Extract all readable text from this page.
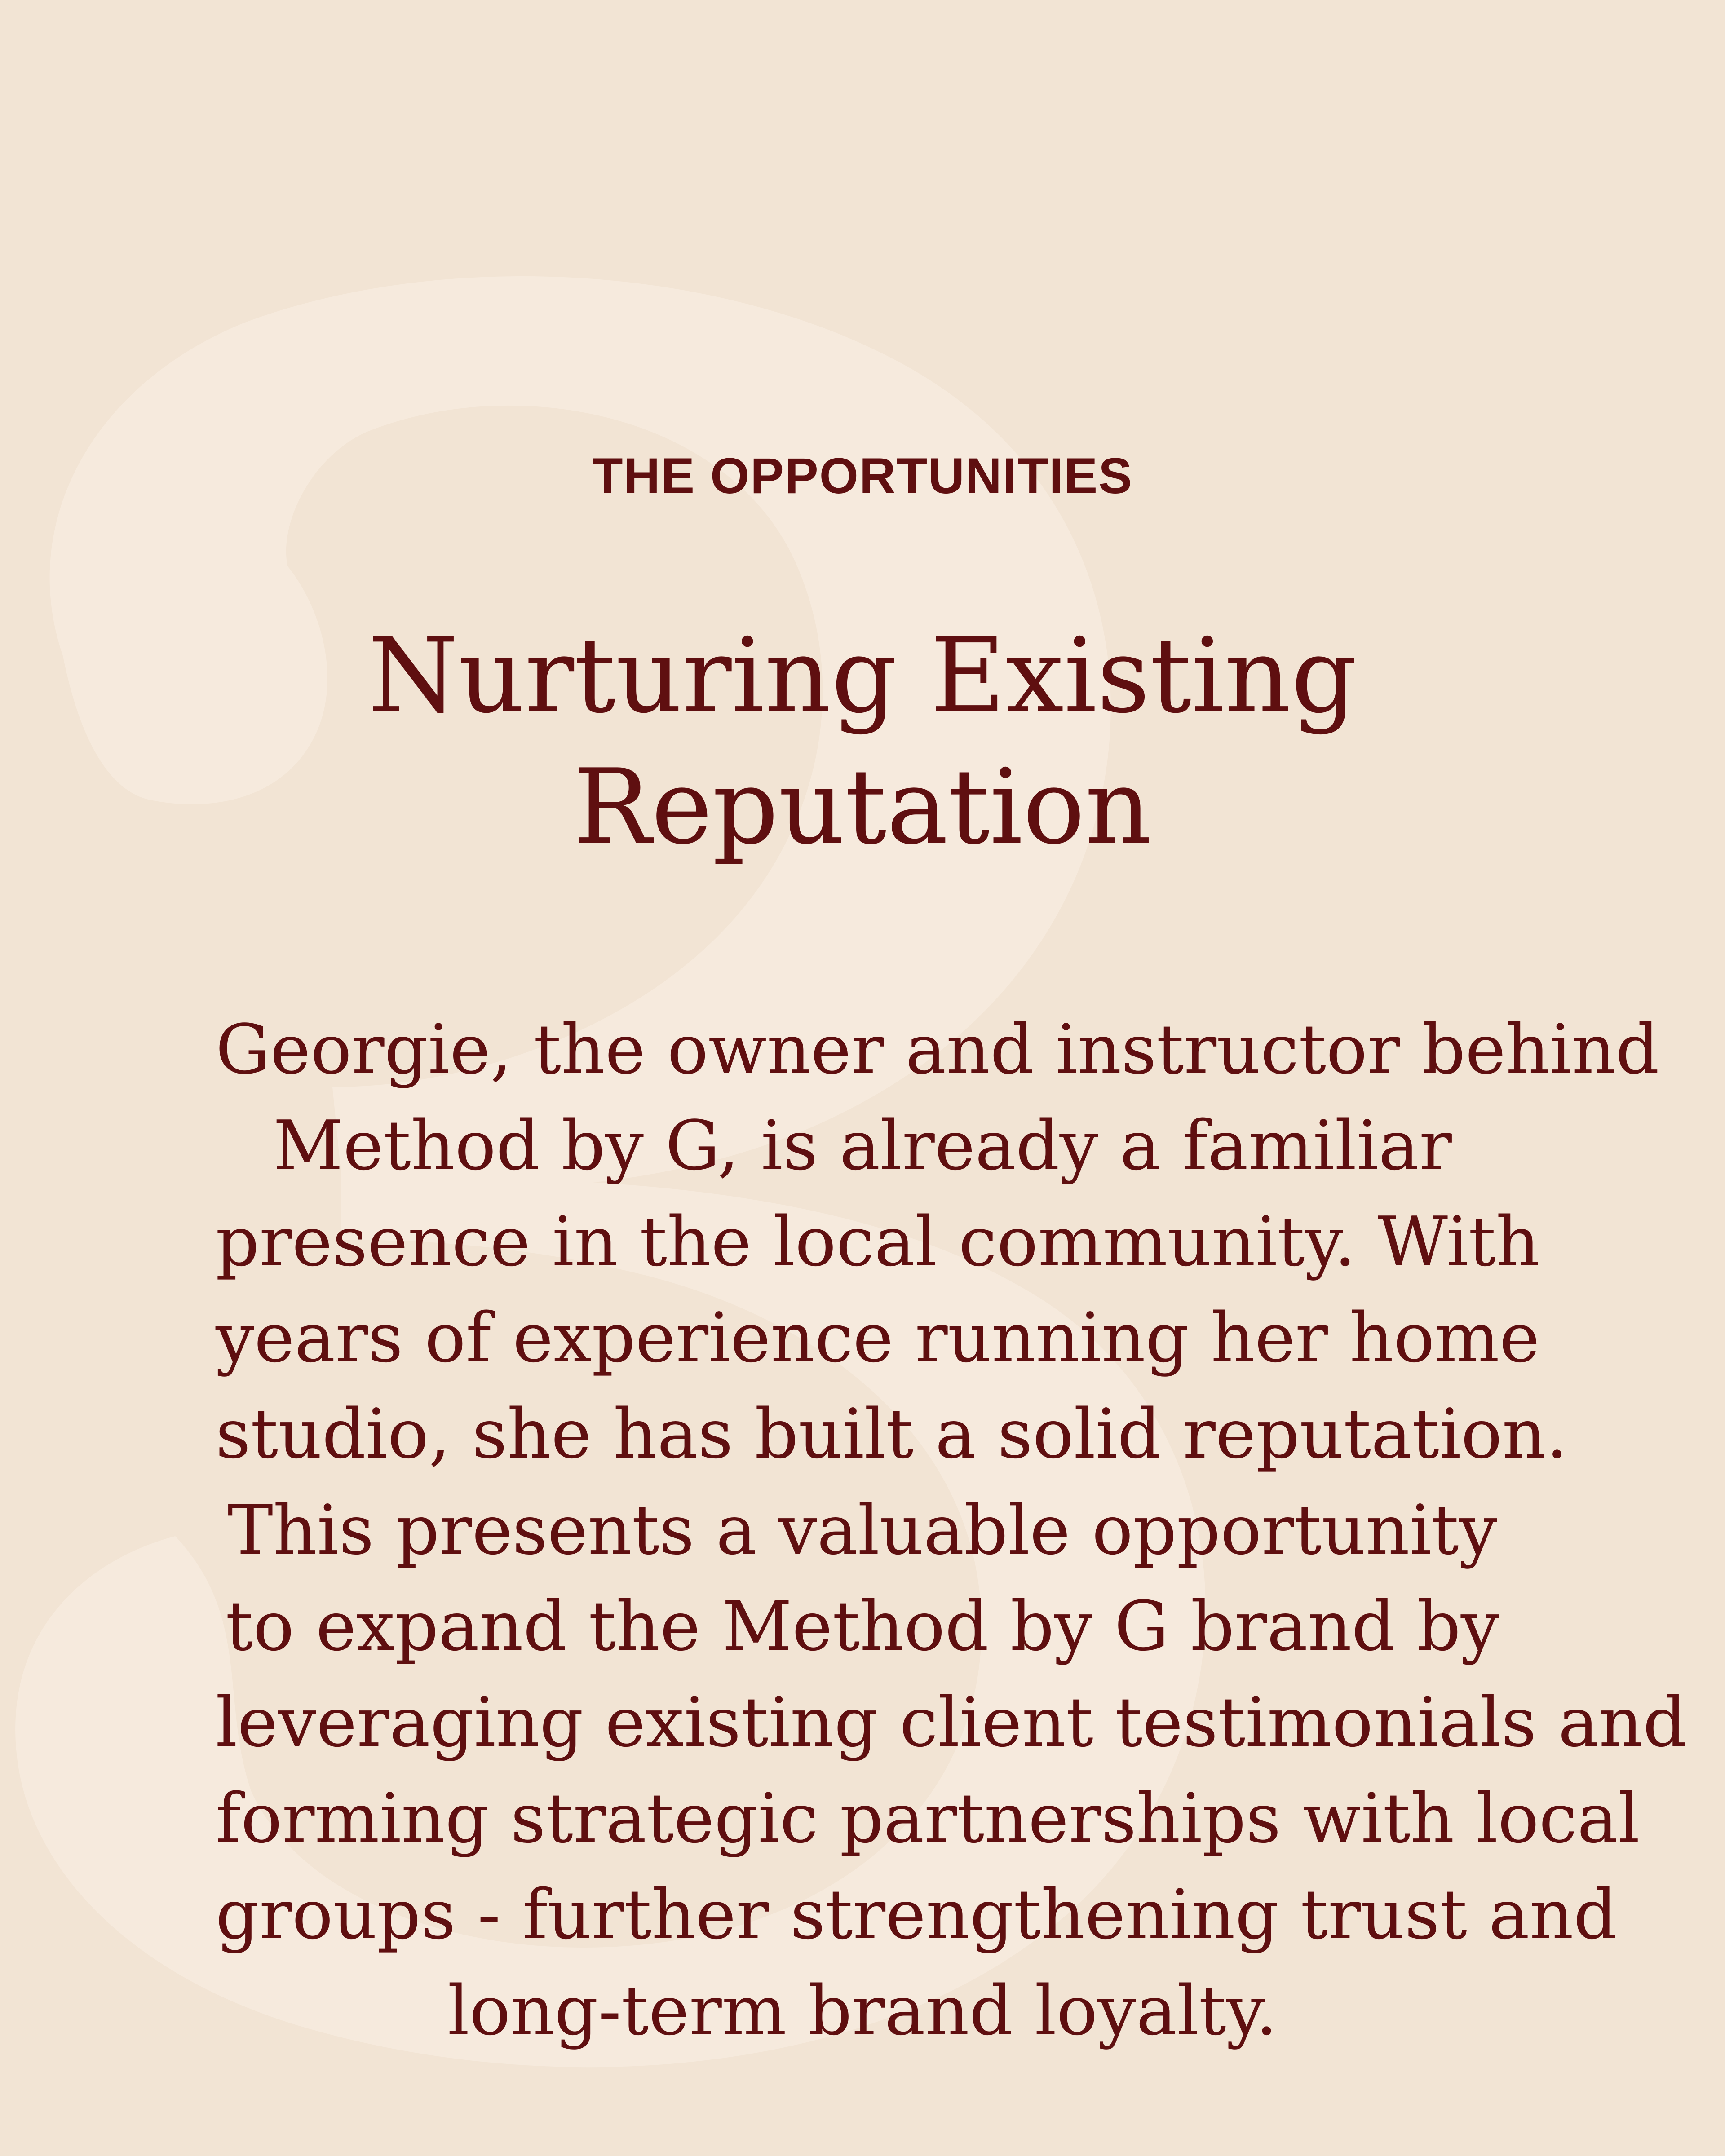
THE OPPORTUNITIES

Nurturing Existing
Reputation

Georgie, the owner and instructor behind
Method by G, is already a familiar
presence in the local community. With
years of experience running her home
studio, she has built a solid reputation.
This presents a valuable opportunity
to expand the Method by G brand by
leveraging existing client testimonials and
forming strategic partnerships with local
groups - further strengthening trust and
long-term brand loyalty.
